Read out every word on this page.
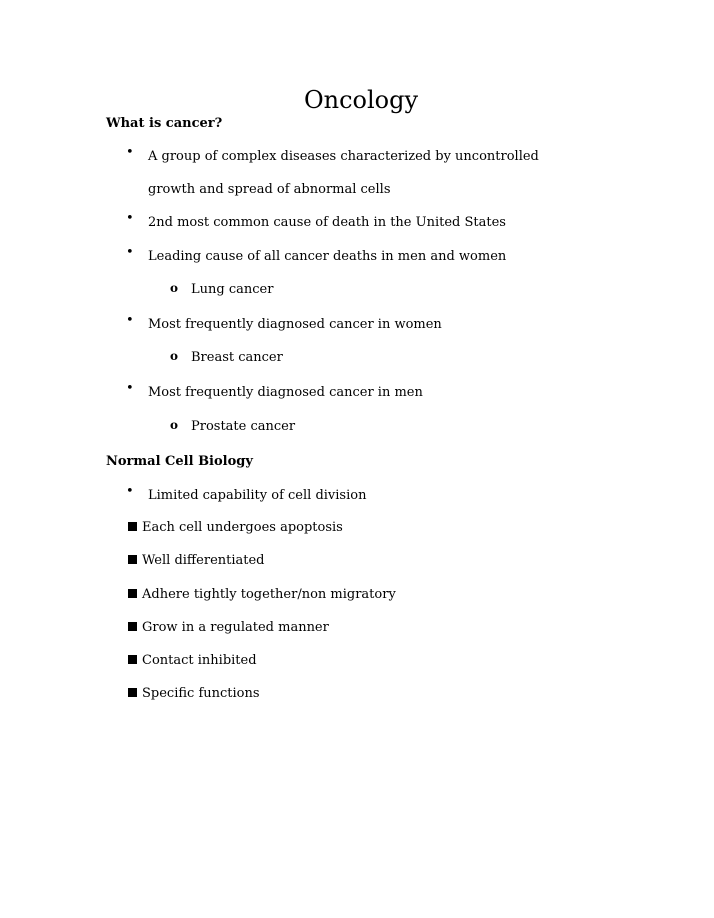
Oncology
What is cancer?
• A group of complex diseases characterized by uncontrolled
growth and spread of abnormal cells
• 2nd most common cause of death in the United States
• Leading cause of all cancer deaths in men and women
o Lung cancer
• Most frequently diagnosed cancer in women
o Breast cancer
• Most frequently diagnosed cancer in men
o Prostate cancer
Normal Cell Biology
• Limited capability of cell division
Each cell undergoes apoptosis
Well differentiated
Adhere tightly together/non migratory
Grow in a regulated manner
Contact inhibited
Specific functions
